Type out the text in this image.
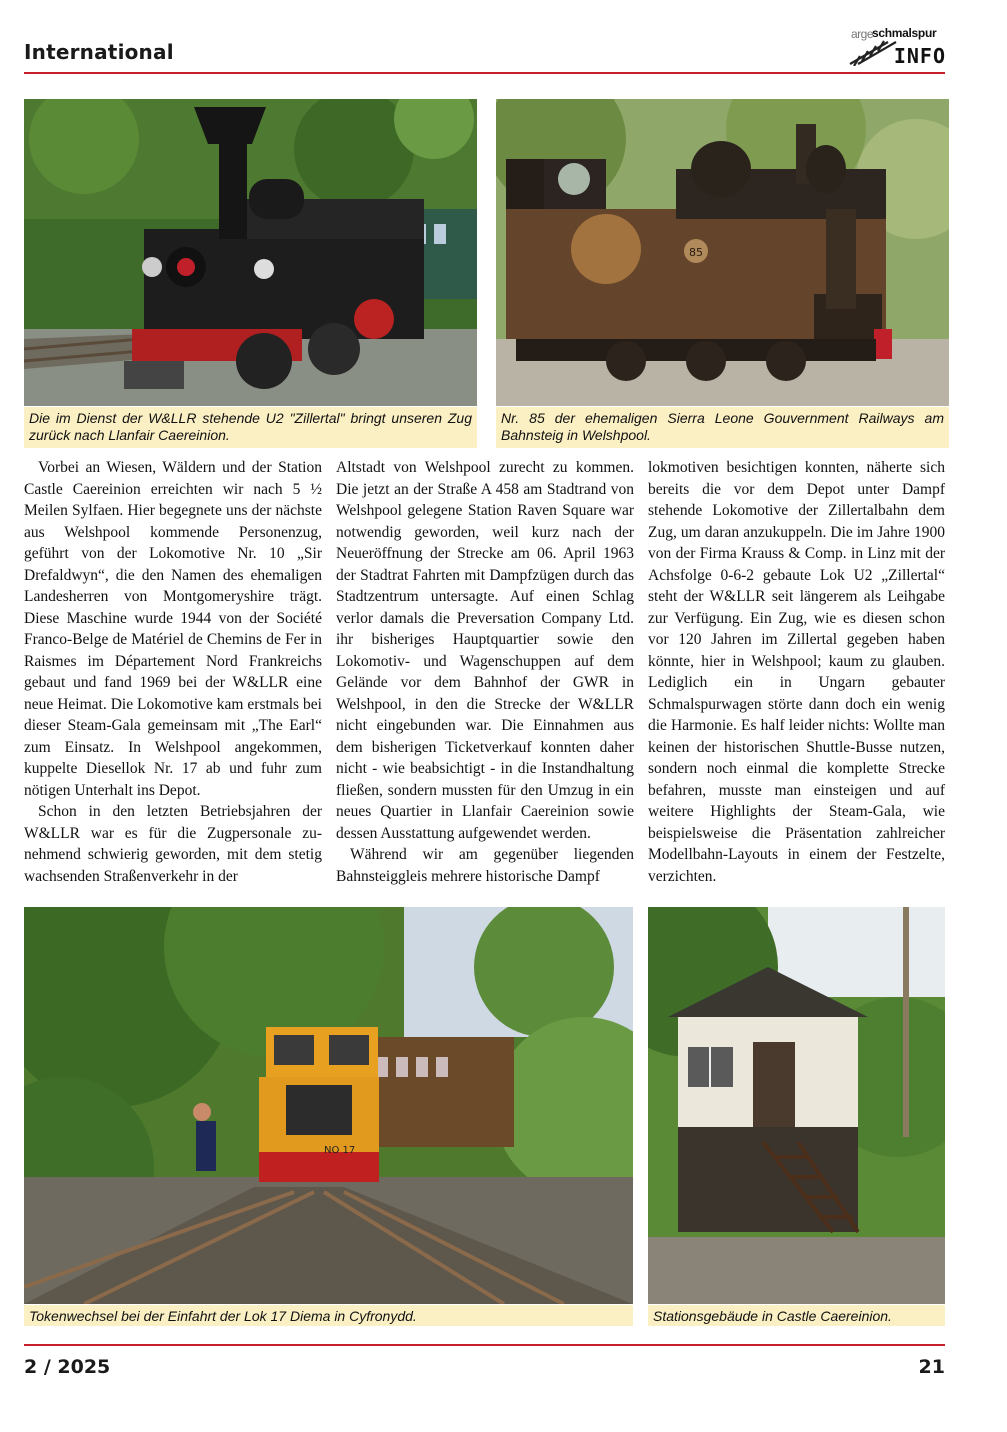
International
arge
schmalspur
INFO
Die im Dienst der W&LLR stehende U2 "Zillertal" bringt unseren Zug zurück nach Llanfair Caereinion.
85
Nr. 85 der ehemaligen Sierra Leone Gouvernment Railways am Bahnsteig in Welshpool.

Vorbei an Wiesen, Wäldern und der Station Castle Caereinion erreichten wir nach 5 ½ Meilen Sylfaen. Hier begegnete uns der nächste aus Welshpool kommende Personenzug, geführt von der Lokomotive Nr. 10 „Sir Drefaldwyn“, die den Namen des ehemaligen Landesherren von Montgomeryshire trägt. Diese Maschine wurde 1944 von der Société Franco-Belge de Matériel de Chemins de Fer in Raismes im Département Nord Frankreichs gebaut und fand 1969 bei der W&LLR eine neue Heimat. Die Lokomotive kam erstmals bei dieser Steam-Gala gemeinsam mit „The Earl“ zum Einsatz. In Welshpool angekommen, kuppelte Diesellok Nr. 17 ab und fuhr zum nötigen Unterhalt ins Depot.

Schon in den letzten Betriebsjahren der W&LLR war es für die Zugpersonale zunehmend schwierig geworden, mit dem stetig wachsenden Straßenverkehr in der

Altstadt von Welshpool zurecht zu kommen. Die jetzt an der Straße A 458 am Stadtrand von Welshpool gelegene Station Raven Square war notwendig geworden, weil kurz nach der Neueröffnung der Strecke am 06. April 1963 der Stadtrat Fahrten mit Dampfzügen durch das Stadtzentrum untersagte. Auf einen Schlag verlor damals die Preversation Company Ltd. ihr bisheriges Hauptquartier sowie den Lokomotiv- und Wagenschuppen auf dem Gelände vor dem Bahnhof der GWR in Welshpool, in den die Strecke der W&LLR nicht eingebunden war. Die Einnahmen aus dem bisherigen Ticketverkauf konnten daher nicht - wie beabsichtigt - in die Instandhaltung fließen, sondern mussten für den Umzug in ein neues Quartier in Llanfair Caereinion sowie dessen Ausstattung aufgewendet werden.

Während wir am gegenüber liegenden Bahnsteiggleis mehrere historische Dampf

lokmotiven besichtigen konnten, näherte sich bereits die vor dem Depot unter Dampf stehende Lokomotive der Zillertalbahn dem Zug, um daran anzukuppeln. Die im Jahre 1900 von der Firma Krauss & Comp. in Linz mit der Achsfolge 0-6-2 gebaute Lok U2 „Zillertal“ steht der W&LLR seit längerem als Leihgabe zur Verfügung. Ein Zug, wie es diesen schon vor 120 Jahren im Zillertal gegeben haben könnte, hier in Welshpool; kaum zu glauben. Lediglich ein in Ungarn gebauter Schmalspurwagen störte dann doch ein wenig die Harmonie. Es half leider nichts: Wollte man keinen der historischen Shuttle-Busse nutzen, sondern noch einmal die komplette Strecke befahren, musste man einsteigen und auf weitere Highlights der Steam-Gala, wie beispielsweise die Präsentation zahlreicher Modellbahn-Layouts in einem der Festzelte, verzichten.

NO 17
Tokenwechsel bei der Einfahrt der Lok 17 Diema in Cyfronydd.	Stationsgebäude in Castle Caereinion.
2 / 2025	21
